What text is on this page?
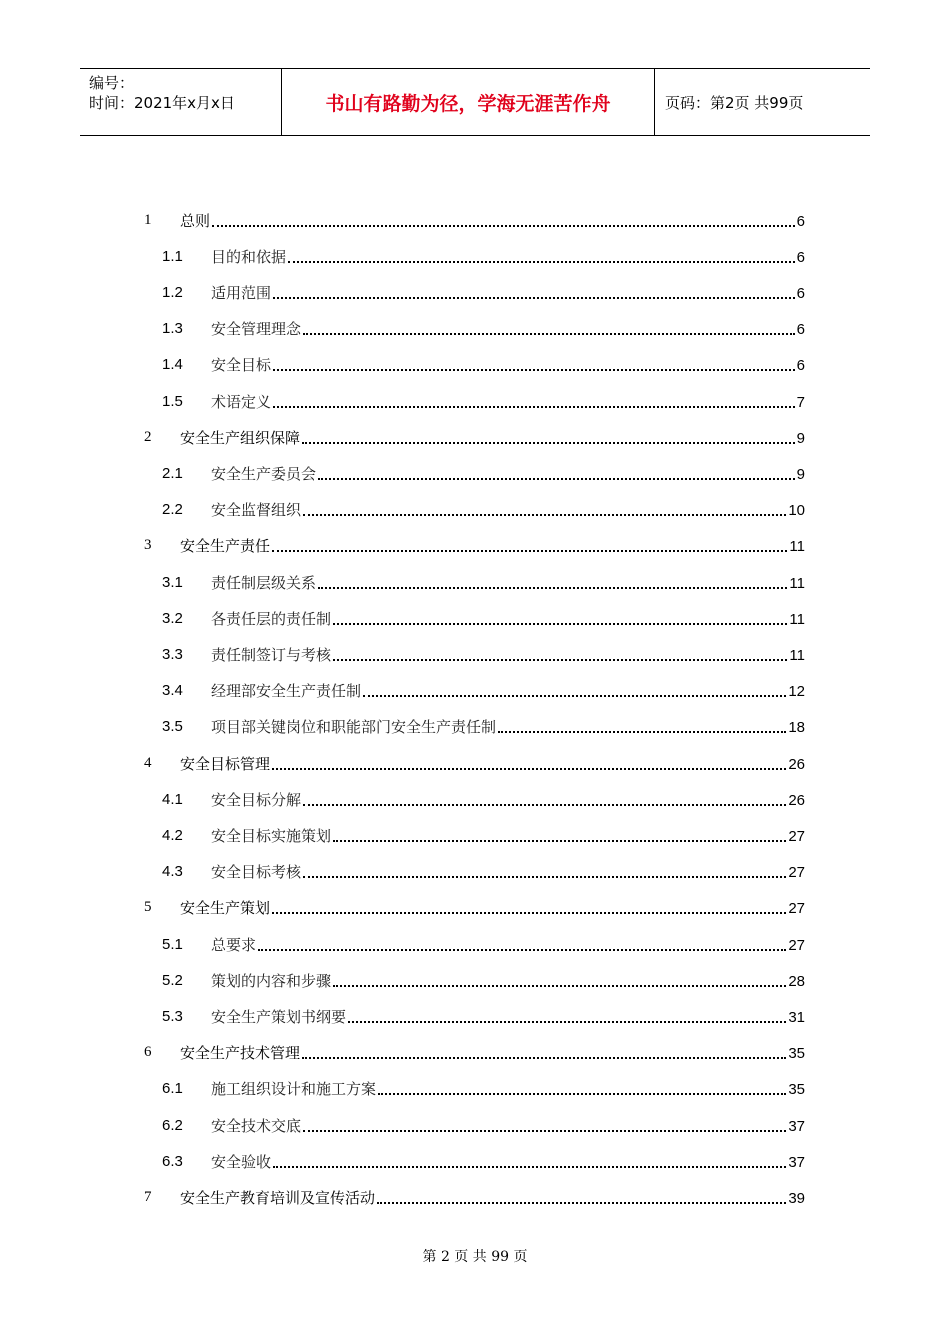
编号：
时间：2021年x月x日	书山有路勤为径，学海无涯苦作舟	页码：第2页 共99页
1 总则	6
1.1 目的和依据	6
1.2 适用范围	6
1.3 安全管理理念	6
1.4 安全目标	6
1.5 术语定义	7
2 安全生产组织保障	9
2.1 安全生产委员会	9
2.2 安全监督组织	10
3 安全生产责任	11
3.1 责任制层级关系	11
3.2 各责任层的责任制	11
3.3 责任制签订与考核	11
3.4 经理部安全生产责任制	12
3.5 项目部关键岗位和职能部门安全生产责任制	18
4 安全目标管理	26
4.1 安全目标分解	26
4.2 安全目标实施策划	27
4.3 安全目标考核	27
5 安全生产策划	27
5.1 总要求	27
5.2 策划的内容和步骤	28
5.3 安全生产策划书纲要	31
6 安全生产技术管理	35
6.1 施工组织设计和施工方案	35
6.2 安全技术交底	37
6.3 安全验收	37
7 安全生产教育培训及宣传活动	39
第 2 页 共 99 页
